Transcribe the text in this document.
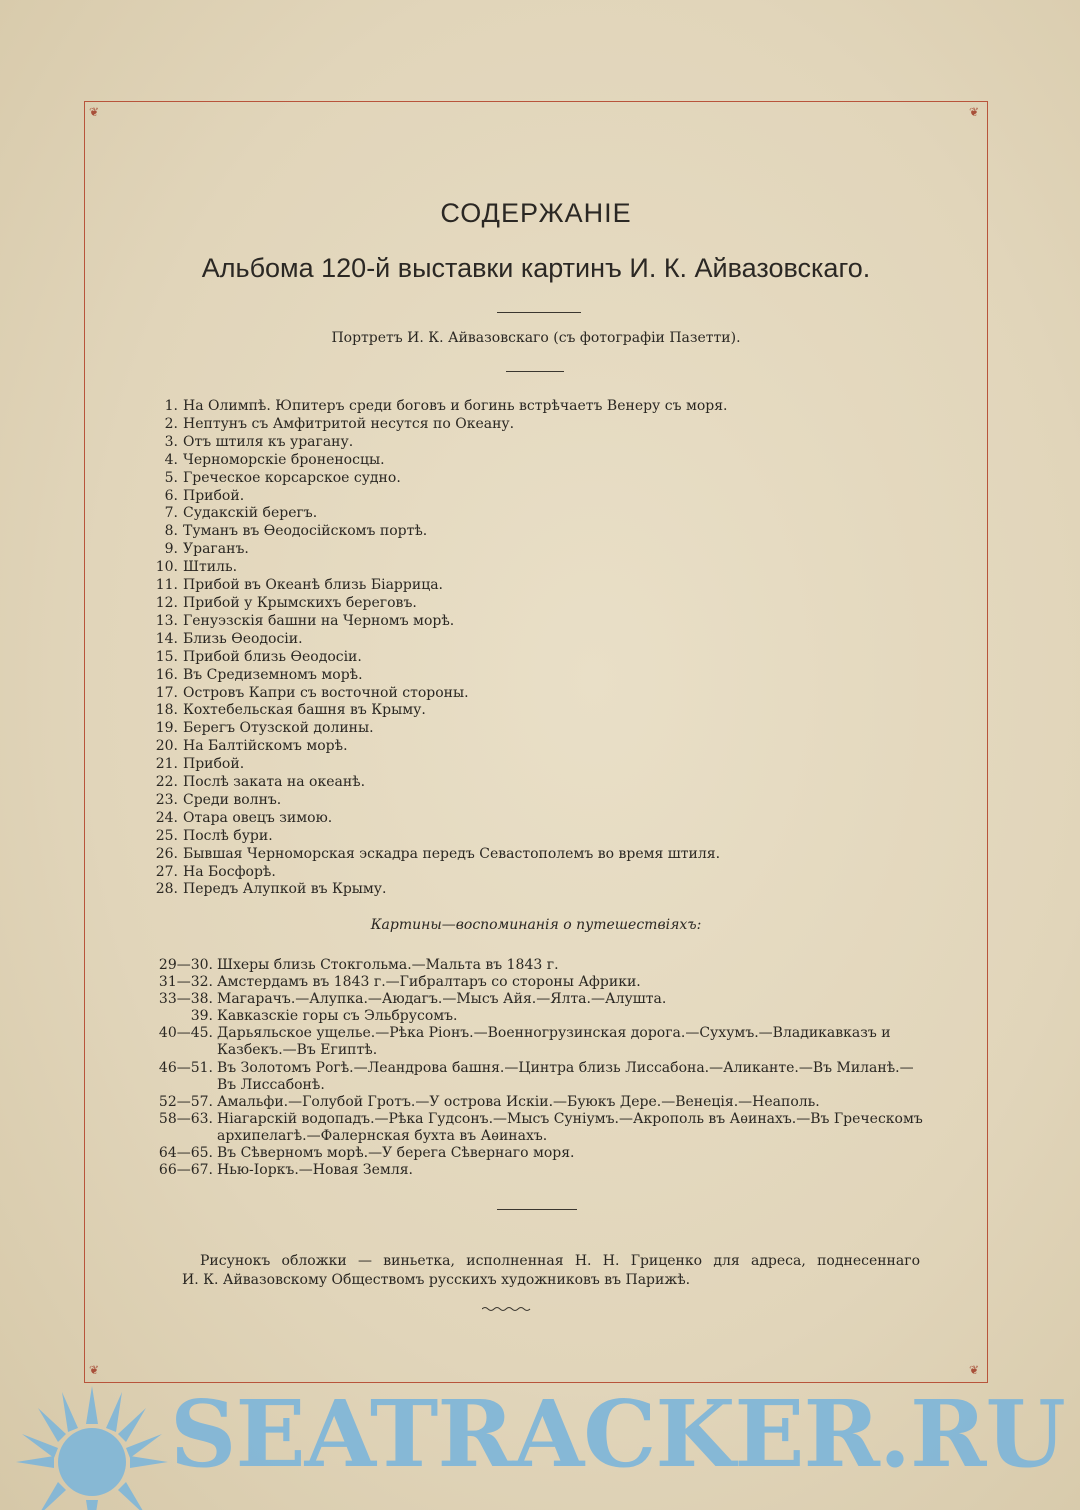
❦	❦
❦	❦
СОДЕРЖАНIЕ
Альбома 120-й выставки картинъ И. К. Айвазовскаго.
Портретъ И. К. Айвазовскаго (съ фотографiи Пазетти).
1. На Олимпѣ. Юпитеръ среди боговъ и богинь встрѣчаетъ Венеру съ моря.
2. Нептунъ съ Амфитритой несутся по Океану.
3. Отъ штиля къ урагану.
4. Черноморскiе броненосцы.
5. Греческое корсарское судно.
6. Прибой.
7. Судакскiй берегъ.
8. Туманъ въ Ѳеодосiйскомъ портѣ.
9. Ураганъ.
10. Штиль.
11. Прибой въ Океанѣ близь Бiаррица.
12. Прибой у Крымскихъ береговъ.
13. Генуэзскiя башни на Черномъ морѣ.
14. Близь Ѳеодосiи.
15. Прибой близь Ѳеодосiи.
16. Въ Средиземномъ морѣ.
17. Островъ Капри съ восточной стороны.
18. Кохтебельская башня въ Крыму.
19. Берегъ Отузской долины.
20. На Балтiйскомъ морѣ.
21. Прибой.
22. Послѣ заката на океанѣ.
23. Среди волнъ.
24. Отара овецъ зимою.
25. Послѣ бури.
26. Бывшая Черноморская эскадра передъ Севастополемъ во время штиля.
27. На Босфорѣ.
28. Передъ Алупкой въ Крыму.
Картины—воспоминанiя о путешествiяхъ:
29—30. Шхеры близь Стокгольма.—Мальта въ 1843 г.
31—32. Амстердамъ въ 1843 г.—Гибралтаръ со стороны Африки.
33—38. Магарачъ.—Алупка.—Аюдагъ.—Мысъ Айя.—Ялта.—Алушта.
39. Кавказскiе горы съ Эльбрусомъ.
40—45. Дарьяльское ущелье.—Рѣка Рiонъ.—Военногрузинская дорога.—Сухумъ.—Владикавказъ и Казбекъ.—Въ Египтѣ.
46—51. Въ Золотомъ Рогѣ.—Леандрова башня.—Цинтра близь Лиссабона.—Аликанте.—Въ Миланѣ.—Въ Лиссабонѣ.
52—57. Амальфи.—Голубой Гротъ.—У острова Искiи.—Буюкъ Дере.—Венецiя.—Неаполь.
58—63. Нiагарскiй водопадъ.—Рѣка Гудсонъ.—Мысъ Сунiумъ.—Акрополь въ Аѳинахъ.—Въ Греческомъ архипелагѣ.—Фалернская бухта въ Аѳинахъ.
64—65. Въ Сѣверномъ морѣ.—У берега Сѣвернаго моря.
66—67. Нью-Iоркъ.—Новая Земля.
Рисунокъ обложки — виньетка, исполненная Н. Н. Гриценко для адреса, поднесеннаго
И. К. Айвазовскому Обществомъ русскихъ художниковъ въ Парижѣ.
SEATRACKER.RU
